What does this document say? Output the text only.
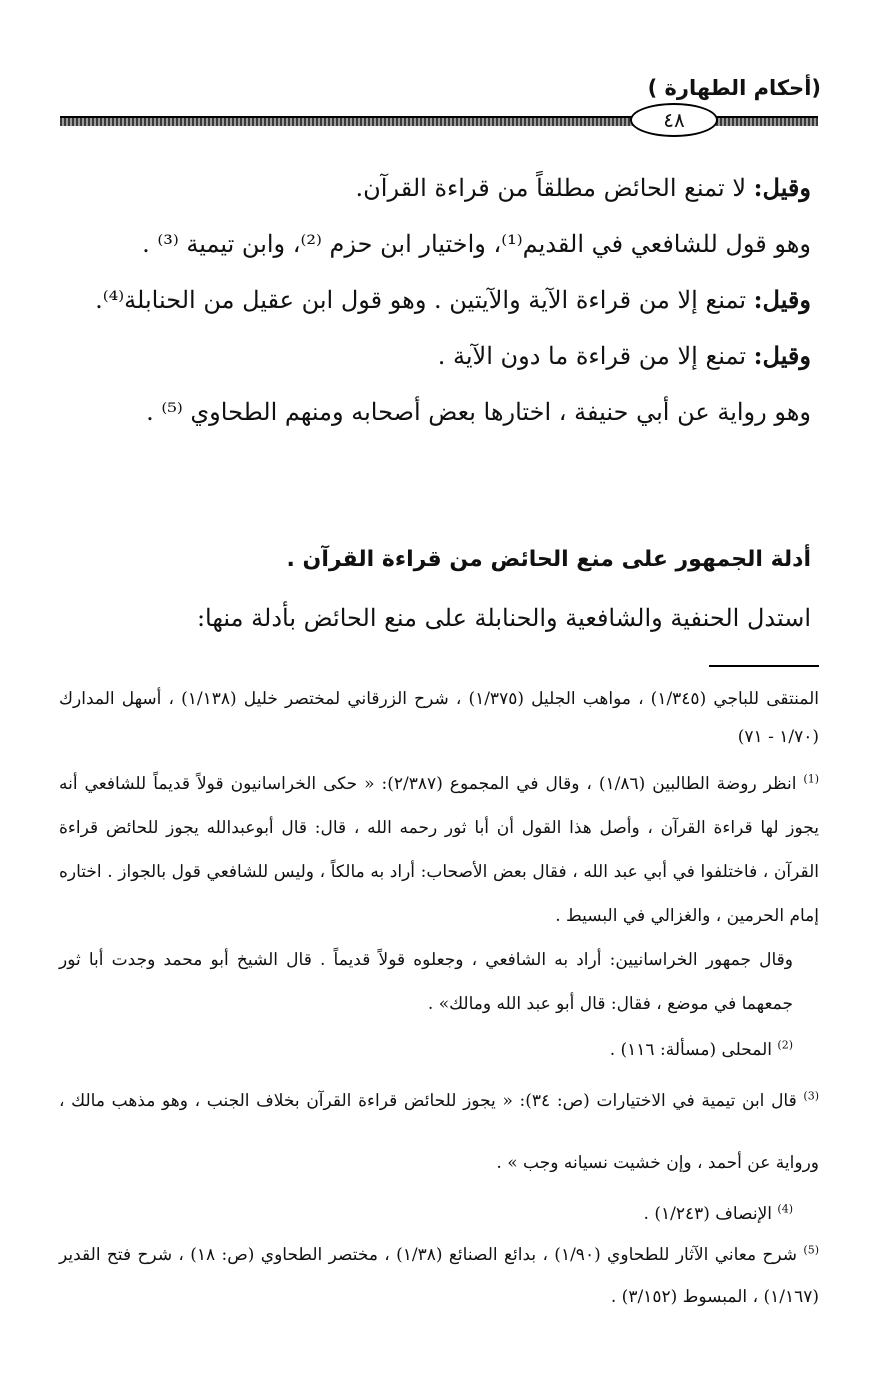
(أحكام الطهارة )
٤٨

وقيل: لا تمنع الحائض مطلقاً من قراءة القرآن.

وهو قول للشافعي في القديم⁽¹⁾، واختيار ابن حزم ⁽²⁾، وابن تيمية ⁽³⁾ .

وقيل: تمنع إلا من قراءة الآية والآيتين . وهو قول ابن عقيل من الحنابلة⁽⁴⁾.

وقيل: تمنع إلا من قراءة ما دون الآية .

وهو رواية عن أبي حنيفة ، اختارها بعض أصحابه ومنهم الطحاوي ⁽⁵⁾ .

أدلة الجمهور على منع الحائض من قراءة القرآن .
استدل الحنفية والشافعية والحنابلة على منع الحائض بأدلة منها:

المنتقى للباجي (١/٣٤٥) ، مواهب الجليل (١/٣٧٥) ، شرح الزرقاني لمختصر خليل (١/١٣٨) ، أسهل المدارك (١/٧٠ - ٧١)

$^{(1)}$ انظر روضة الطالبين (١/٨٦) ، وقال في المجموع (٢/٣٨٧): « حكى الخراسانيون قولاً قديماً للشافعي أنه يجوز لها قراءة القرآن ، وأصل هذا القول أن أبا ثور رحمه الله ، قال: قال أبوعبدالله يجوز للحائض قراءة القرآن ، فاختلفوا في أبي عبد الله ، فقال بعض الأصحاب: أراد به مالكاً ، وليس للشافعي قول بالجواز . اختاره إمام الحرمين ، والغزالي في البسيط .

وقال جمهور الخراسانيين: أراد به الشافعي ، وجعلوه قولاً قديماً . قال الشيخ أبو محمد وجدت أبا ثور جمعهما في موضع ، فقال: قال أبو عبد الله ومالك» .

$^{(2)}$ المحلى (مسألة: ١١٦) .

$^{(3)}$ قال ابن تيمية في الاختيارات (ص: ٣٤): « يجوز للحائض قراءة القرآن بخلاف الجنب ، وهو مذهب مالك ، ورواية عن أحمد ، وإن خشيت نسيانه وجب » .

$^{(4)}$ الإنصاف (١/٢٤٣) .

$^{(5)}$ شرح معاني الآثار للطحاوي (١/٩٠) ، بدائع الصنائع (١/٣٨) ، مختصر الطحاوي (ص: ١٨) ، شرح فتح القدير (١/١٦٧) ، المبسوط (٣/١٥٢) .
